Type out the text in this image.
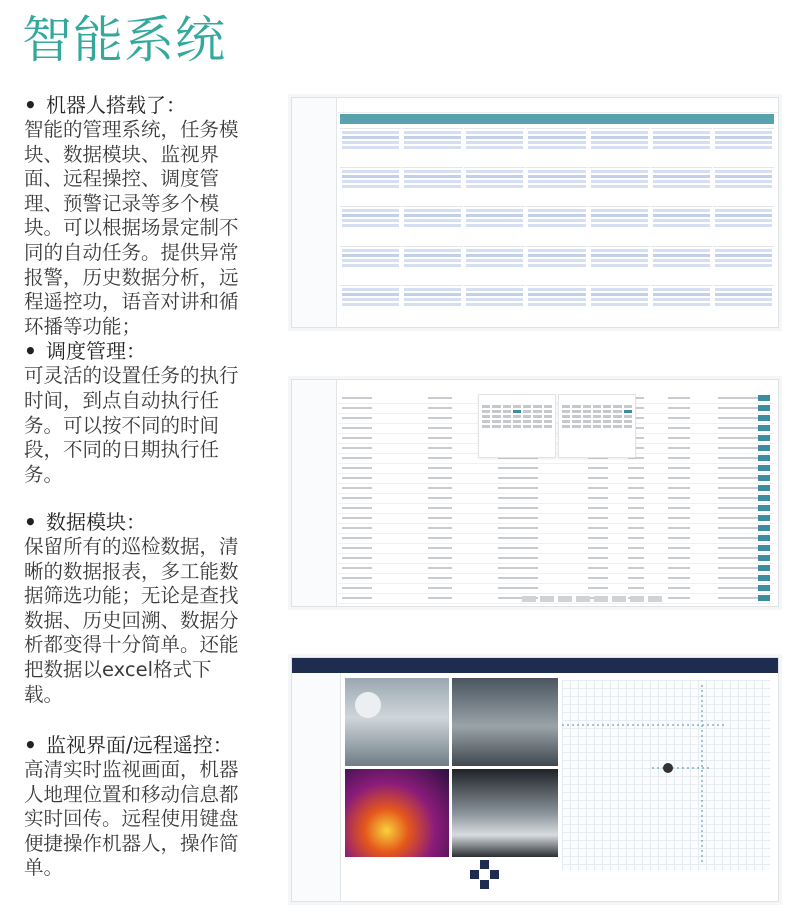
智能系统
• 机器人搭载了：
智能的管理系统，任务模块、数据模块、监视界面、远程操控、调度管理、预警记录等多个模块。可以根据场景定制不同的自动任务。提供异常报警，历史数据分析，远程遥控功，语音对讲和循环播等功能；
• 调度管理：
可灵活的设置任务的执行时间，到点自动执行任务。可以按不同的时间段，不同的日期执行任务。
• 数据模块：
保留所有的巡检数据，清晰的数据报表，多工能数据筛选功能；无论是查找数据、历史回溯、数据分析都变得十分简单。还能把数据以excel格式下载。
• 监视界面/远程遥控：
高清实时监视画面，机器人地理位置和移动信息都实时回传。远程使用键盘便捷操作机器人，操作简单。
